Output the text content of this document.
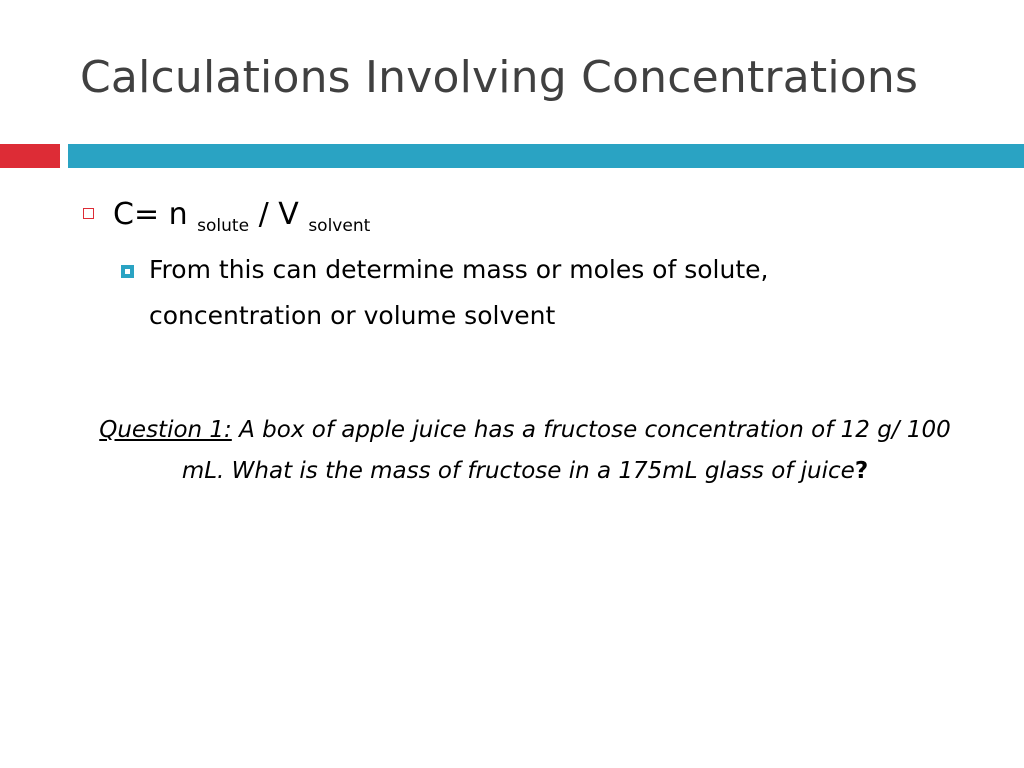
Calculations Involving Concentrations
C= n $_{solute}$ / V $_{solvent}$
From this can determine mass or moles of solute, concentration or volume solvent
Question 1: A box of apple juice has a fructose concentration of 12 g/ 100 mL. What is the mass of fructose in a 175mL glass of juice?
